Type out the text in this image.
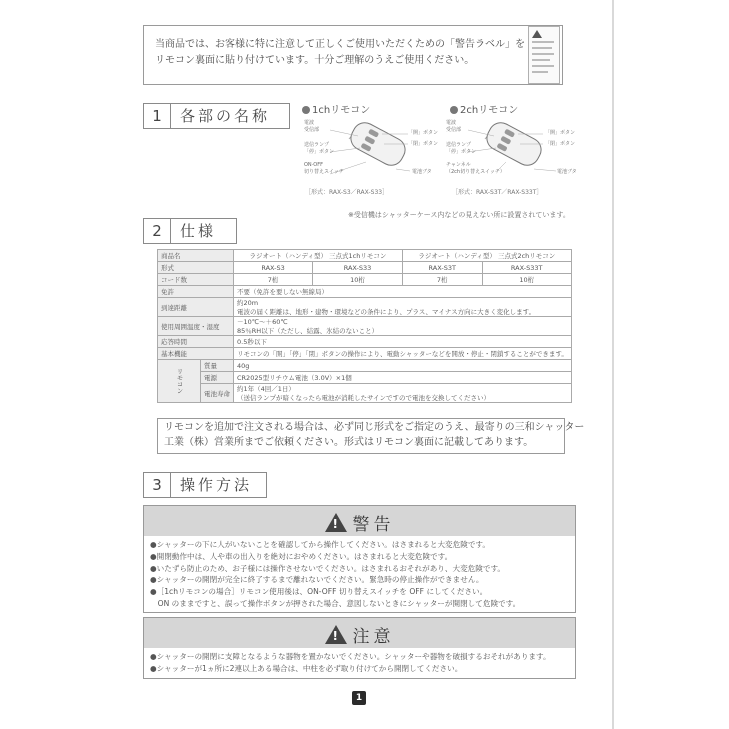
当商品では、お客様に特に注意して正しくご使用いただくための「警告ラベル」を
リモコン裏面に貼り付けています。十分ご理解のうえご使用ください。
1	各部の名称	1chリモコン
電波
受信部	「開」ボタン
「閉」ボタン
送信ランプ
「停」ボタン
ON·OFF
切り替えスイッチ	電池ブタ
［形式：RAX-S3／RAX-S33］
2chリモコン
電波
受信部	「開」ボタン
「閉」ボタン
送信ランプ
「停」ボタン
チャンネル
（2ch切り替えスイッチ）	電池ブタ
［形式：RAX-S3T／RAX-S33T］
※受信機はシャッターケース内などの見えない所に設置されています。
2	仕様
商品名		ラジオート（ハンディ型） 三点式1chリモコン		ラジオート（ハンディ型） 三点式2chリモコン	
形式		RAX-S3	RAX-S33	RAX-S3T	RAX-S33T
コード数		7桁	10桁	7桁	10桁
免許		不要（免許を要しない無線局）			
到達距離		約20m
電波の届く距離は、地形・建物・環境などの条件により、プラス、マイナス方向に大きく変化します。			

使用周囲温度・湿度		－10℃～＋60℃
85％RH以下（ただし、結露、氷結のないこと）			

応答時間		0.5秒以下			
基本機能		リモコンの「開」「停」「閉」ボタンの操作により、電動シャッターなどを開放・停止・閉鎖することができます。			
リモコン	質量	40g			
	電源	CR2025型リチウム電池（3.0V）×1個			
	電池寿命	約1年（4回／1日）
（送信ランプが暗くなったら電池が消耗したサインですので電池を交換してください）			
リモコンを追加で注文される場合は、必ず同じ形式をご指定のうえ、最寄りの三和シャッター
工業（株）営業所までご依頼ください。形式はリモコン裏面に記載してあります。
3	操作方法
! 警告
●シャッターの下に人がいないことを確認してから操作してください。はさまれると大変危険です。
●開閉動作中は、人や車の出入りを絶対におやめください。はさまれると大変危険です。
●いたずら防止のため、お子様には操作させないでください。はさまれるおそれがあり、大変危険です。
●シャッターの開閉が完全に終了するまで離れないでください。緊急時の停止操作ができません。
●［1chリモコンの場合］リモコン使用後は、ON-OFF 切り替えスイッチを OFF にしてください。
　ON のままですと、誤って操作ボタンが押された場合、意図しないときにシャッターが開閉して危険です。
! 注意
●シャッターの開閉に支障となるような器物を置かないでください。シャッターや器物を破損するおそれがあります。
●シャッターが1ヵ所に2連以上ある場合は、中柱を必ず取り付けてから開閉してください。
1
